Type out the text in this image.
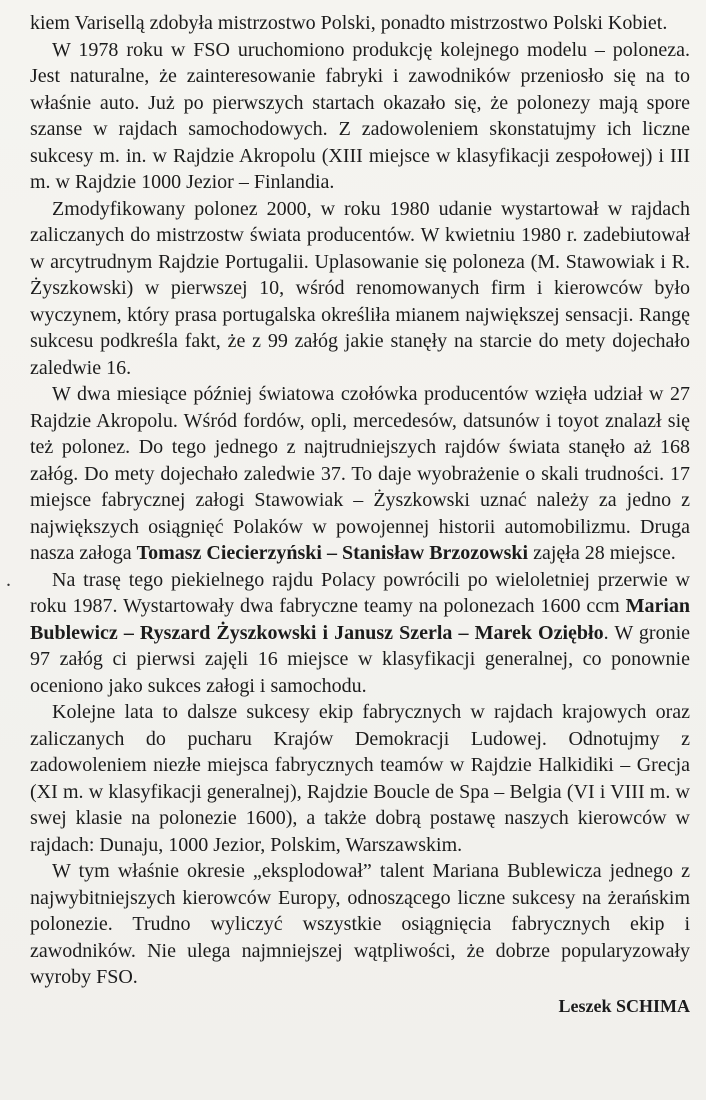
kiem Varisellą zdobyła mistrzostwo Polski, ponadto mistrzostwo Polski Kobiet.

W 1978 roku w FSO uruchomiono produkcję kolejnego modelu – poloneza. Jest naturalne, że zainteresowanie fabryki i zawodników przeniosło się na to właśnie auto. Już po pierwszych startach okazało się, że polonezy mają spore szanse w rajdach samochodowych. Z zadowoleniem skonstatujmy ich liczne sukcesy m. in. w Rajdzie Akropolu (XIII miejsce w klasyfikacji zespołowej) i III m. w Rajdzie 1000 Jezior – Finlandia.

Zmodyfikowany polonez 2000, w roku 1980 udanie wystartował w rajdach zaliczanych do mistrzostw świata producentów. W kwietniu 1980 r. zadebiutował w arcytrudnym Rajdzie Portugalii. Uplasowanie się poloneza (M. Stawowiak i R. Żyszkowski) w pierwszej 10, wśród renomowanych firm i kierowców było wyczynem, który prasa portugalska określiła mianem największej sensacji. Rangę sukcesu podkreśla fakt, że z 99 załóg jakie stanęły na starcie do mety dojechało zaledwie 16.

W dwa miesiące później światowa czołówka producentów wzięła udział w 27 Rajdzie Akropolu. Wśród fordów, opli, mercedesów, datsunów i toyot znalazł się też polonez. Do tego jednego z najtrudniejszych rajdów świata stanęło aż 168 załóg. Do mety dojechało zaledwie 37. To daje wyobrażenie o skali trudności. 17 miejsce fabrycznej załogi Stawowiak – Żyszkowski uznać należy za jedno z największych osiągnięć Polaków w powojennej historii automobilizmu. Druga nasza załoga Tomasz Ciecierzyński – Stanisław Brzozowski zajęła 28 miejsce.

Na trasę tego piekielnego rajdu Polacy powrócili po wieloletniej przerwie w roku 1987. Wystartowały dwa fabryczne teamy na polonezach 1600 ccm Marian Bublewicz – Ryszard Żyszkowski i Janusz Szerla – Marek Oziębło. W gronie 97 załóg ci pierwsi zajęli 16 miejsce w klasyfikacji generalnej, co ponownie oceniono jako sukces załogi i samochodu.

Kolejne lata to dalsze sukcesy ekip fabrycznych w rajdach krajowych oraz zaliczanych do pucharu Krajów Demokracji Ludowej. Odnotujmy z zadowoleniem niezłe miejsca fabrycznych teamów w Rajdzie Halkidiki – Grecja (XI m. w klasyfikacji generalnej), Rajdzie Boucle de Spa – Belgia (VI i VIII m. w swej klasie na polonezie 1600), a także dobrą postawę naszych kierowców w rajdach: Dunaju, 1000 Jezior, Polskim, Warszawskim.

W tym właśnie okresie „eksplodował” talent Mariana Bublewicza jednego z najwybitniejszych kierowców Europy, odnoszącego liczne sukcesy na żerańskim polonezie. Trudno wyliczyć wszystkie osiągnięcia fabrycznych ekip i zawodników. Nie ulega najmniejszej wątpliwości, że dobrze popularyzowały wyroby FSO.

Leszek SCHIMA

.
